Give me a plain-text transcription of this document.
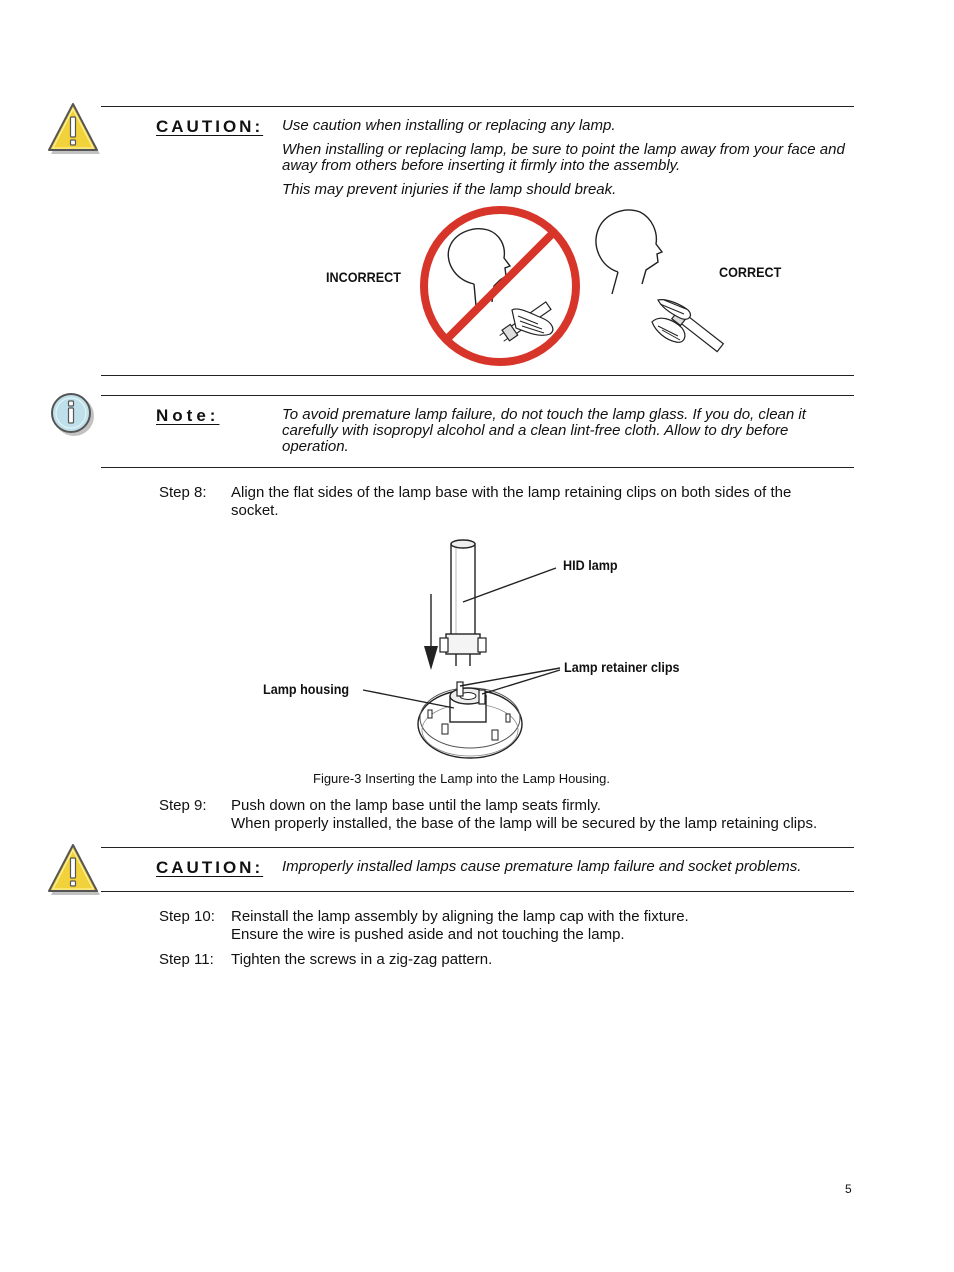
CAUTION: Use caution when installing or replacing any lamp.
When installing or replacing lamp, be sure to point the lamp away from your face and away from others before inserting it firmly into the assembly.
This may prevent injuries if the lamp should break.
INCORRECT	CORRECT
Note:	To avoid premature lamp failure, do not touch the lamp glass. If you do, clean it carefully with isopropyl alcohol and a clean lint-free cloth. Allow to dry before operation.
Step 8: Align the flat sides of the lamp base with the lamp retaining clips on both sides of the socket.
HID lamp
Lamp retainer clips
Lamp housing
Figure-3 Inserting the Lamp into the Lamp Housing.
Step 9: Push down on the lamp base until the lamp seats firmly.
When properly installed, the base of the lamp will be secured by the lamp retaining clips.
CAUTION: Improperly installed lamps cause premature lamp failure and socket problems.
Step 10: Reinstall the lamp assembly by aligning the lamp cap with the fixture.
Ensure the wire is pushed aside and not touching the lamp.
Step 11: Tighten the screws in a zig-zag pattern.
5
